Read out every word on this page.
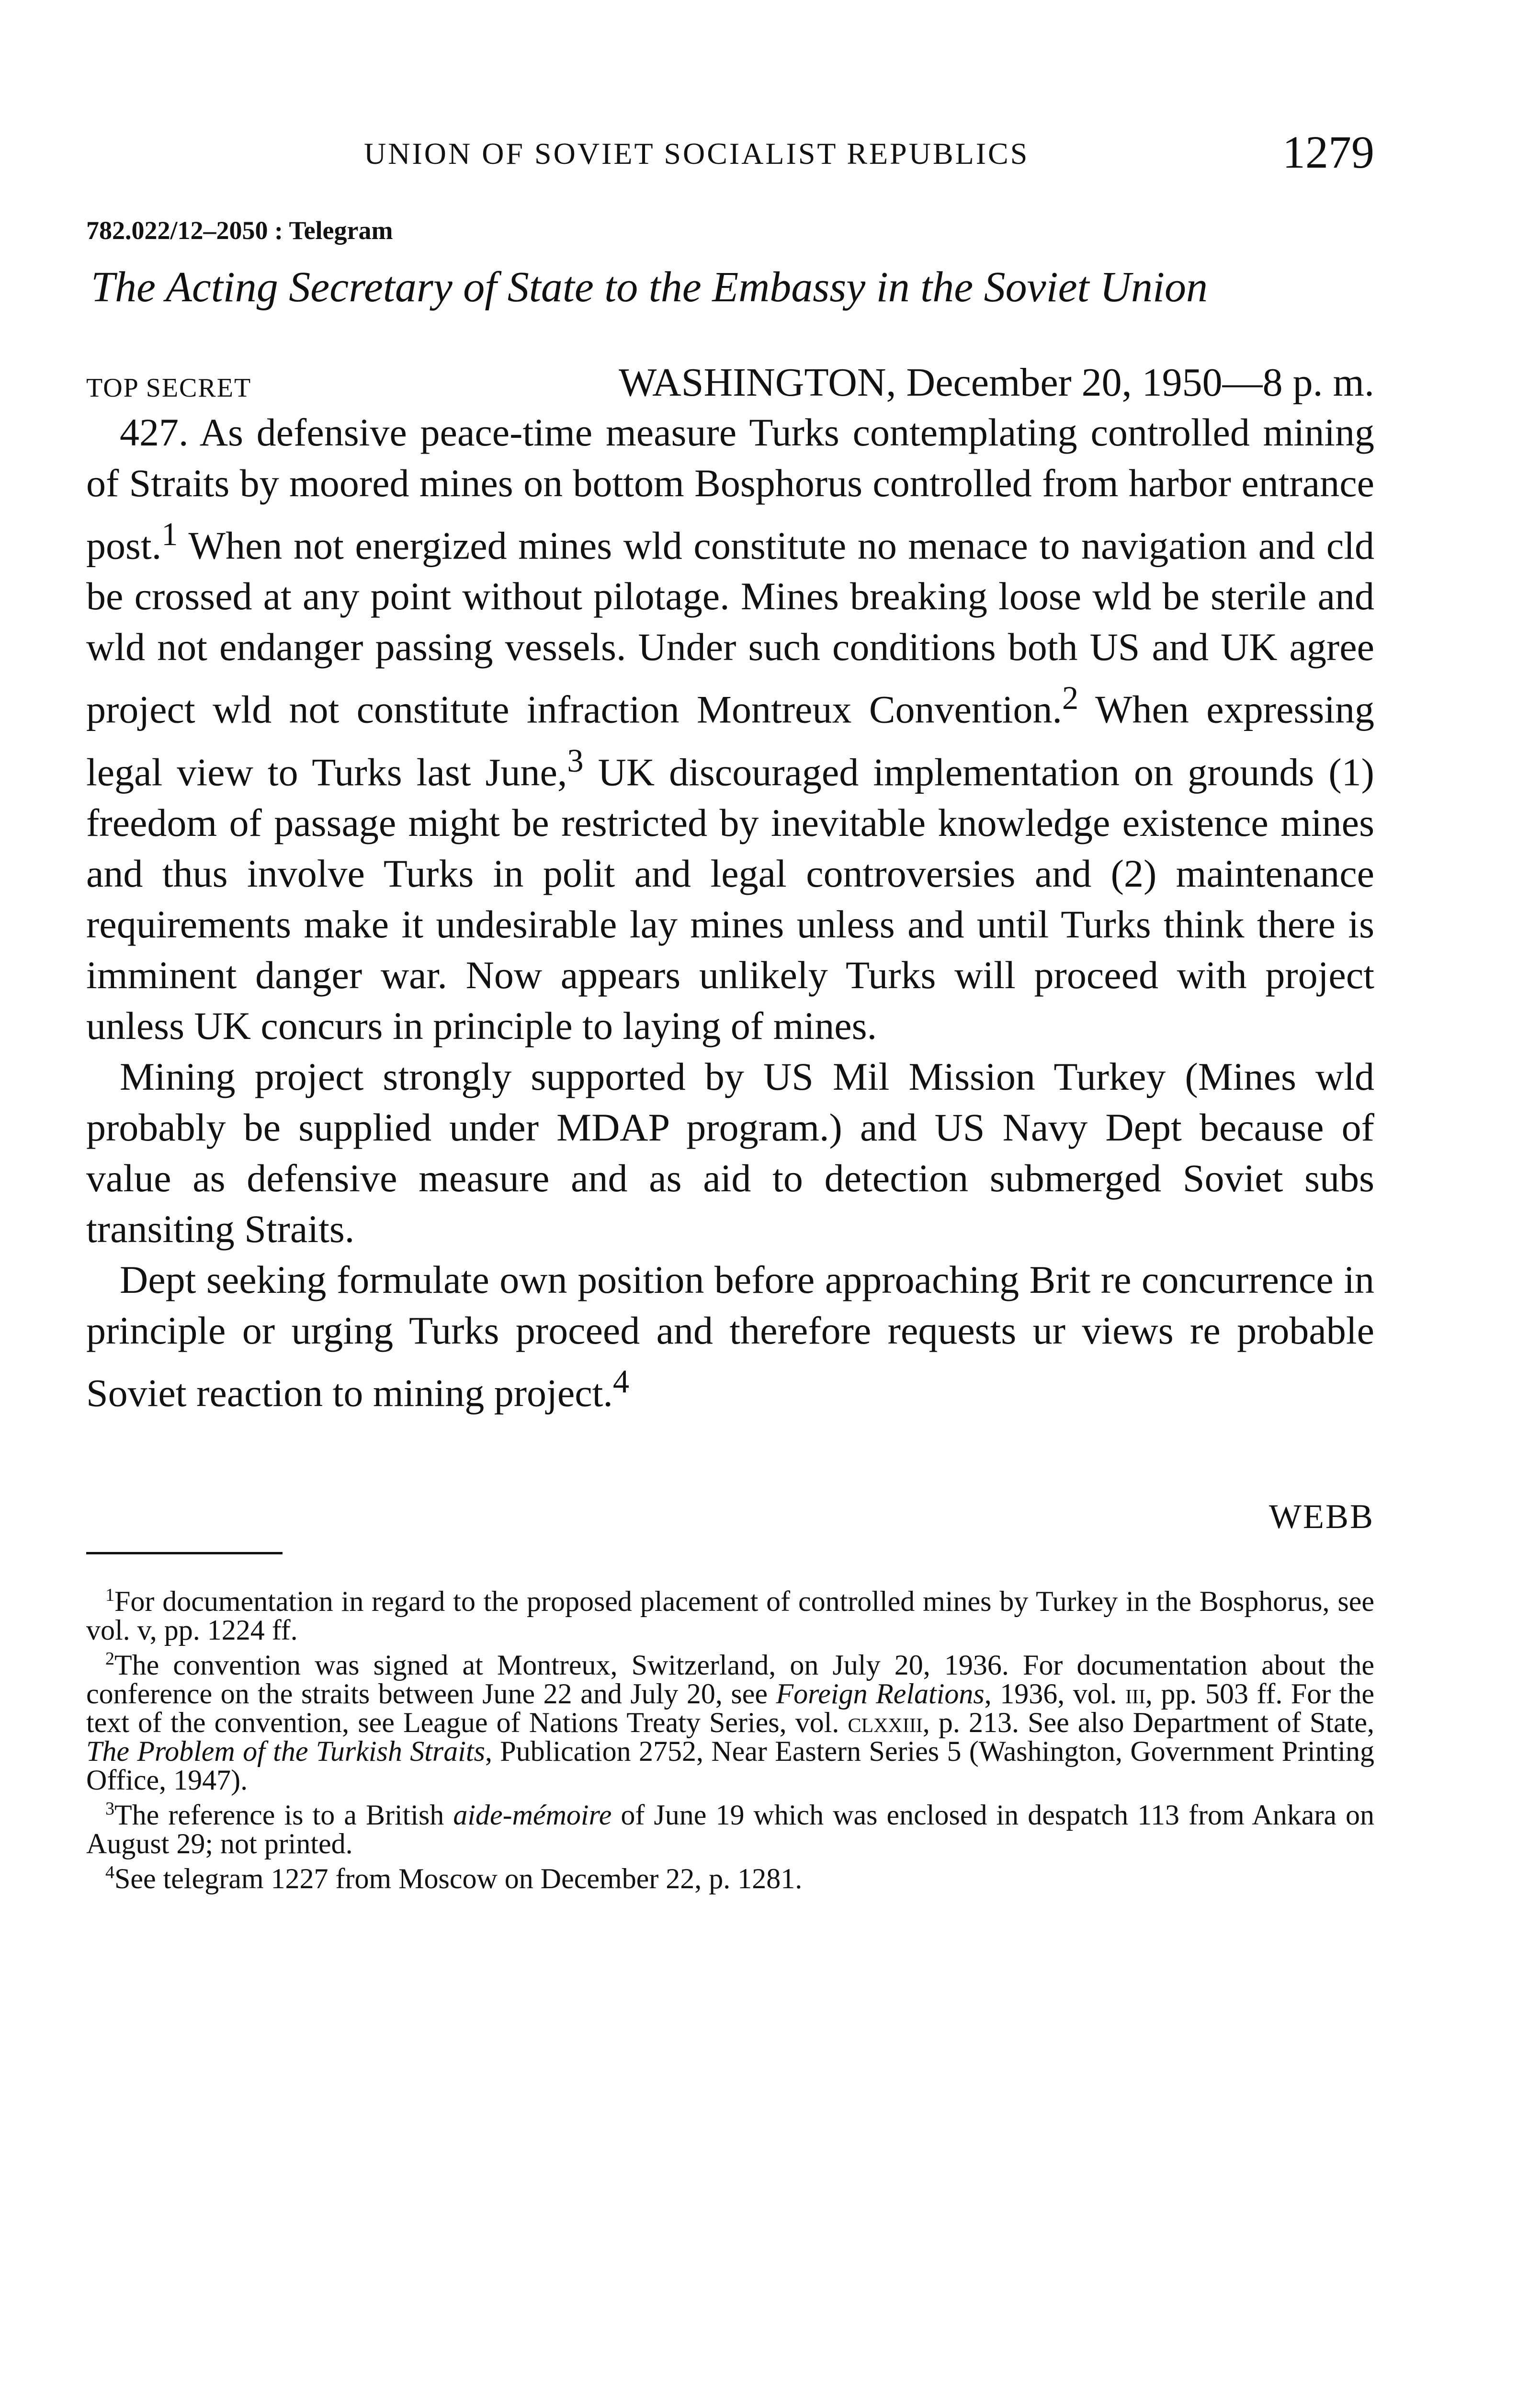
UNION OF SOVIET SOCIALIST REPUBLICS	1279
782.022/12–2050 : Telegram
The Acting Secretary of State to the Embassy in the Soviet Union
TOP SECRET	WASHINGTON, December 20, 1950—8 p. m.

427. As defensive peace-time measure Turks contemplating controlled mining of Straits by moored mines on bottom Bosphorus controlled from harbor entrance post.$^1$ When not energized mines wld constitute no menace to navigation and cld be crossed at any point without pilotage. Mines breaking loose wld be sterile and wld not endanger passing vessels. Under such conditions both US and UK agree project wld not constitute infraction Montreux Convention.$^2$ When expressing legal view to Turks last June,$^3$ UK discouraged implementation on grounds (1) freedom of passage might be restricted by inevitable knowledge existence mines and thus involve Turks in polit and legal controversies and (2) maintenance requirements make it undesirable lay mines unless and until Turks think there is imminent danger war. Now appears unlikely Turks will proceed with project unless UK concurs in principle to laying of mines.

Mining project strongly supported by US Mil Mission Turkey (Mines wld probably be supplied under MDAP program.) and US Navy Dept because of value as defensive measure and as aid to detection submerged Soviet subs transiting Straits.

Dept seeking formulate own position before approaching Brit re concurrence in principle or urging Turks proceed and therefore requests ur views re probable Soviet reaction to mining project.$^4$

WEBB

$^1$For documentation in regard to the proposed placement of controlled mines by Turkey in the Bosphorus, see vol. v, pp. 1224 ff.

$^2$The convention was signed at Montreux, Switzerland, on July 20, 1936. For documentation about the conference on the straits between June 22 and July 20, see Foreign Relations, 1936, vol. iii, pp. 503 ff. For the text of the convention, see League of Nations Treaty Series, vol. clxxiii, p. 213. See also Department of State, The Problem of the Turkish Straits, Publication 2752, Near Eastern Series 5 (Washington, Government Printing Office, 1947).

$^3$The reference is to a British aide-mémoire of June 19 which was enclosed in despatch 113 from Ankara on August 29; not printed.

$^4$See telegram 1227 from Moscow on December 22, p. 1281.
